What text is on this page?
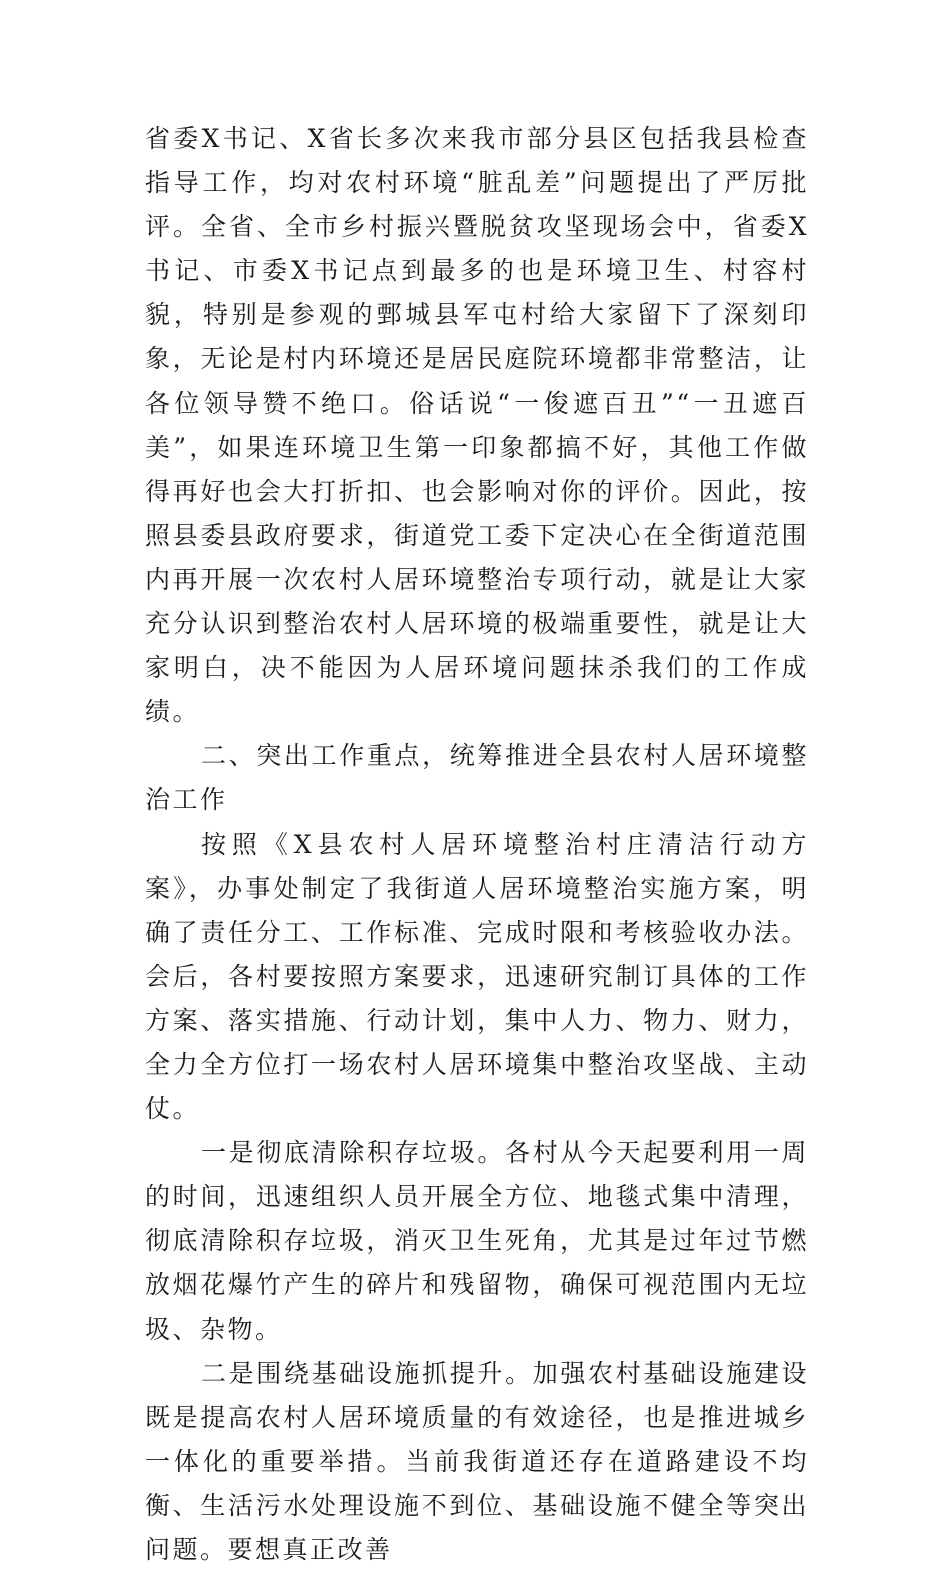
省委X书记、X省长多次来我市部分县区包括我县检查指导工作，均对农村环境“脏乱差”问题提出了严厉批评。全省、全市乡村振兴暨脱贫攻坚现场会中，省委X书记、市委X书记点到最多的也是环境卫生、村容村貌，特别是参观的鄄城县军屯村给大家留下了深刻印象，无论是村内环境还是居民庭院环境都非常整洁，让各位领导赞不绝口。俗话说“一俊遮百丑”“一丑遮百美”，如果连环境卫生第一印象都搞不好，其他工作做得再好也会大打折扣、也会影响对你的评价。因此，按照县委县政府要求，街道党工委下定决心在全街道范围内再开展一次农村人居环境整治专项行动，就是让大家充分认识到整治农村人居环境的极端重要性，就是让大家明白，决不能因为人居环境问题抹杀我们的工作成绩。

二、突出工作重点，统筹推进全县农村人居环境整治工作

按照《X县农村人居环境整治村庄清洁行动方案》，办事处制定了我街道人居环境整治实施方案，明确了责任分工、工作标准、完成时限和考核验收办法。会后，各村要按照方案要求，迅速研究制订具体的工作方案、落实措施、行动计划，集中人力、物力、财力，全力全方位打一场农村人居环境集中整治攻坚战、主动仗。

一是彻底清除积存垃圾。各村从今天起要利用一周的时间，迅速组织人员开展全方位、地毯式集中清理，彻底清除积存垃圾，消灭卫生死角，尤其是过年过节燃放烟花爆竹产生的碎片和残留物，确保可视范围内无垃圾、杂物。

二是围绕基础设施抓提升。加强农村基础设施建设既是提高农村人居环境质量的有效途径，也是推进城乡一体化的重要举措。当前我街道还存在道路建设不均衡、生活污水处理设施不到位、基础设施不健全等突出问题。要想真正改善
